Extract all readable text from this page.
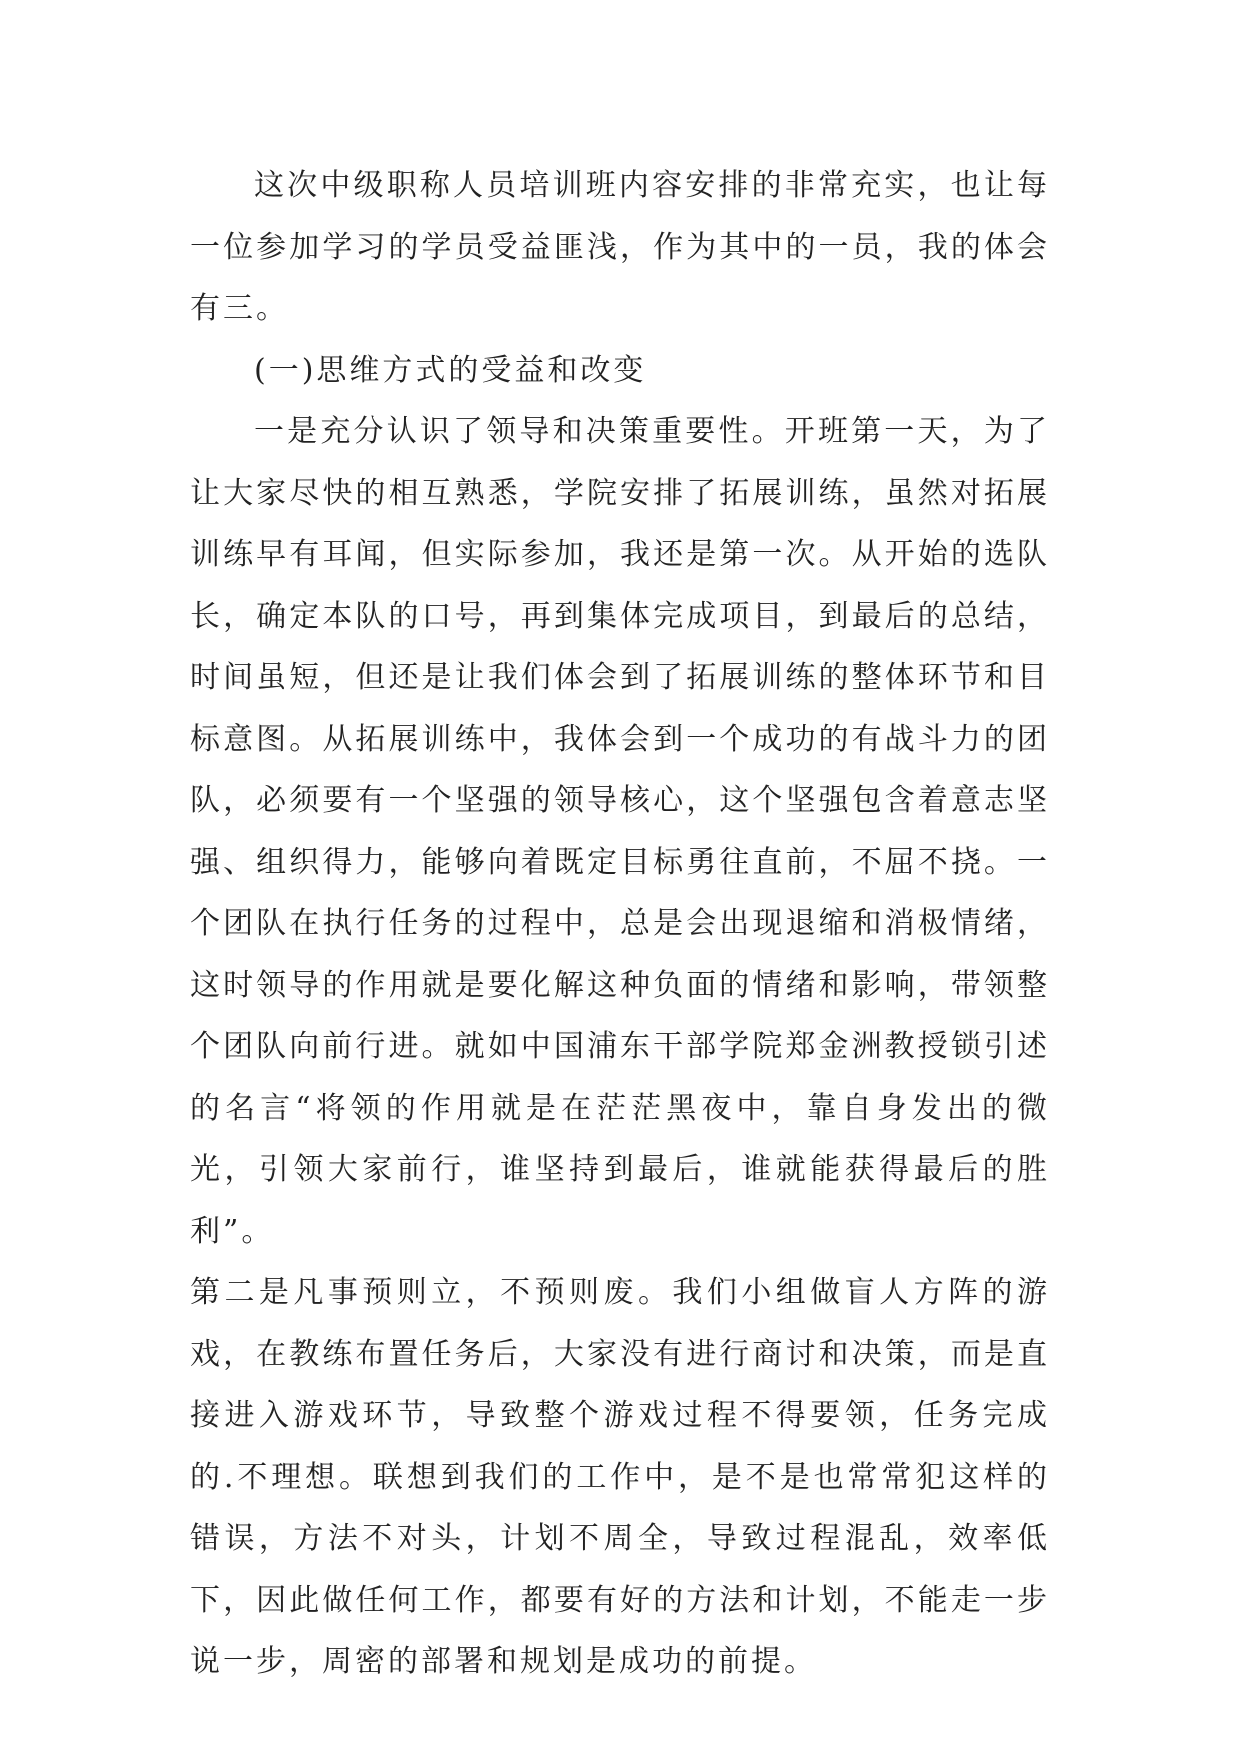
这次中级职称人员培训班内容安排的非常充实，也让每一位参加学习的学员受益匪浅，作为其中的一员，我的体会有三。

(一)思维方式的受益和改变

一是充分认识了领导和决策重要性。开班第一天，为了让大家尽快的相互熟悉，学院安排了拓展训练，虽然对拓展训练早有耳闻，但实际参加，我还是第一次。从开始的选队长，确定本队的口号，再到集体完成项目，到最后的总结，时间虽短，但还是让我们体会到了拓展训练的整体环节和目标意图。从拓展训练中，我体会到一个成功的有战斗力的团队，必须要有一个坚强的领导核心，这个坚强包含着意志坚强、组织得力，能够向着既定目标勇往直前，不屈不挠。一个团队在执行任务的过程中，总是会出现退缩和消极情绪，这时领导的作用就是要化解这种负面的情绪和影响，带领整个团队向前行进。就如中国浦东干部学院郑金洲教授锁引述的名言“将领的作用就是在茫茫黑夜中，靠自身发出的微光，引领大家前行，谁坚持到最后，谁就能获得最后的胜利”。

第二是凡事预则立，不预则废。我们小组做盲人方阵的游戏，在教练布置任务后，大家没有进行商讨和决策，而是直接进入游戏环节，导致整个游戏过程不得要领，任务完成的.不理想。联想到我们的工作中，是不是也常常犯这样的错误，方法不对头，计划不周全，导致过程混乱，效率低下，因此做任何工作，都要有好的方法和计划，不能走一步说一步，周密的部署和规划是成功的前提。
